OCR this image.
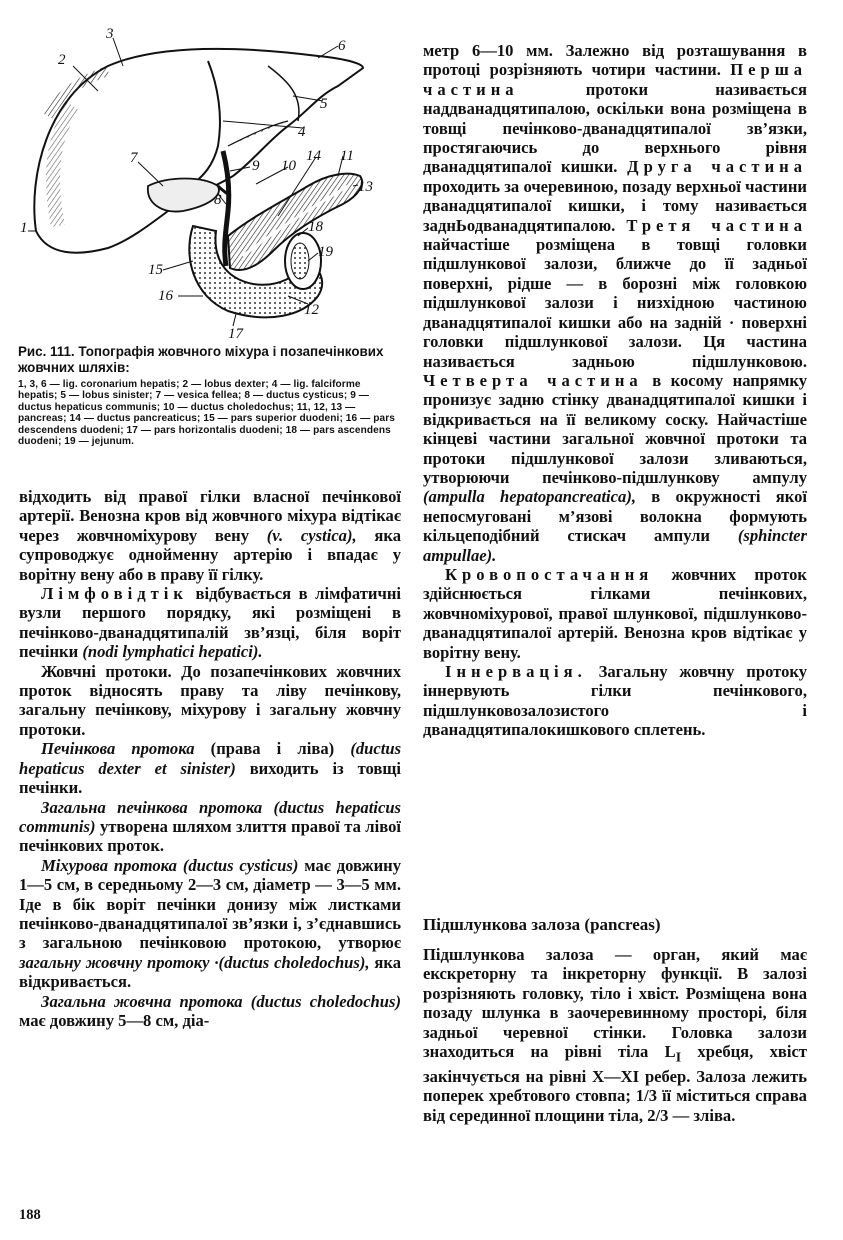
1
2
3
4
5
6
7
8
9 10
11
12
13
14
15
16
17
18
19

Рис. 111. Топографія жовчного міхура і позапечінкових жовчних шляхів:

1, 3, 6 — lig. coronarium hepatis; 2 — lobus dexter; 4 — lig. falciforme hepatis; 5 — lobus sinister; 7 — vesica fellea; 8 — ductus cysticus; 9 — ductus hepaticus communis; 10 — ductus choledochus; 11, 12, 13 — pancreas; 14 — ductus pancreaticus; 15 — pars superior duodeni; 16 — pars descendens duodeni; 17 — pars horizontalis duodeni; 18 — pars ascendens duodeni; 19 — jejunum.

відходить від правої гілки власної печінкової артерії. Венозна кров від жовчного міхура відтікає через жовчноміхурову вену (v. cystica), яка супроводжує однойменну артерію і впадає у ворітну вену або в праву її гілку.

Лімфовідтік відбувається в лімфатичні вузли першого порядку, які розміщені в печінково-дванадцятипалій зв’язці, біля воріт печінки (nodi lymphatici hepatici).

Жовчні протоки. До позапечінкових жовчних проток відносять праву та ліву печінкову, загальну печінкову, міхурову і загальну жовчну протоки.

Печінкова протока (права і ліва) (ductus hepaticus dexter et sinister) виходить із товщі печінки.

Загальна печінкова протока (ductus hepaticus communis) утворена шляхом злиття правої та лівої печінкових проток.

Міхурова протока (ductus cysticus) має довжину 1—5 см, в середньому 2—3 см, діаметр — 3—5 мм. Іде в бік воріт печінки донизу між листками печінково-дванадцятипалої зв’язки і, з’єднавшись з загальною печінковою протокою, утворює загальну жовчну протоку ·(ductus choledochus), яка відкривається.

Загальна жовчна протока (ductus choledochus) має довжину 5—8 см, діа-

метр 6—10 мм. Залежно від розташування в протоці розрізняють чотири частини. Перша частина	протоки називається наддванадцятипалою, оскільки вона розміщена в товщі печінково-дванадцятипалої зв’язки, простягаючись до верхнього рівня дванадцятипалої кишки. Друга частина проходить за очеревиною, позаду верхньої частини дванадцятипалої кишки, і тому називається заднЬодванадцятипалою. Третя частина найчастіше розміщена в товщі головки підшлункової залози, ближче до її задньої поверхні, рідше — в борозні між головкою підшлункової залози і низхідною частиною дванадцятипалої кишки або на задній · поверхні головки підшлункової залози. Ця частина називається задньою підшлунковою. Четверта частина в косому напрямку пронизує задню стінку дванадцятипалої кишки і відкривається на її великому соску. Найчастіше кінцеві частини загальної жовчної протоки та протоки підшлункової залози зливаються, утворюючи печінково-підшлункову ампулу (ampulla hepatopancreatica), в окружності якої непосмуговані м’язові волокна формують кільцеподібний стискач ампули (sphincter ampullae).

Кровопостачання жовчних проток здійснюється гілками печінкових, жовчноміхурової, правої шлункової, підшлунково-дванадцятипалої артерій. Венозна кров відтікає у ворітну вену.

Іннервація. Загальну жовчну протоку іннервують гілки печінкового, підшлунковозалозистого і дванадцятипалокишкового сплетень.

Підшлункова залоза (pancreas)

Підшлункова залоза — орган, який має екскреторну та інкреторну функції. В залозі розрізняють головку, тіло і хвіст. Розміщена вона позаду шлунка в заочеревинному просторі, біля задньої черевної стінки. Головка залози знаходиться на рівні тіла $L_I$ хребця, хвіст закінчується на рівні X—XI ребер. Залоза лежить поперек хребтового стовпа; 1/3 її міститься справа від серединної площини тіла, 2/3 — зліва.

188
